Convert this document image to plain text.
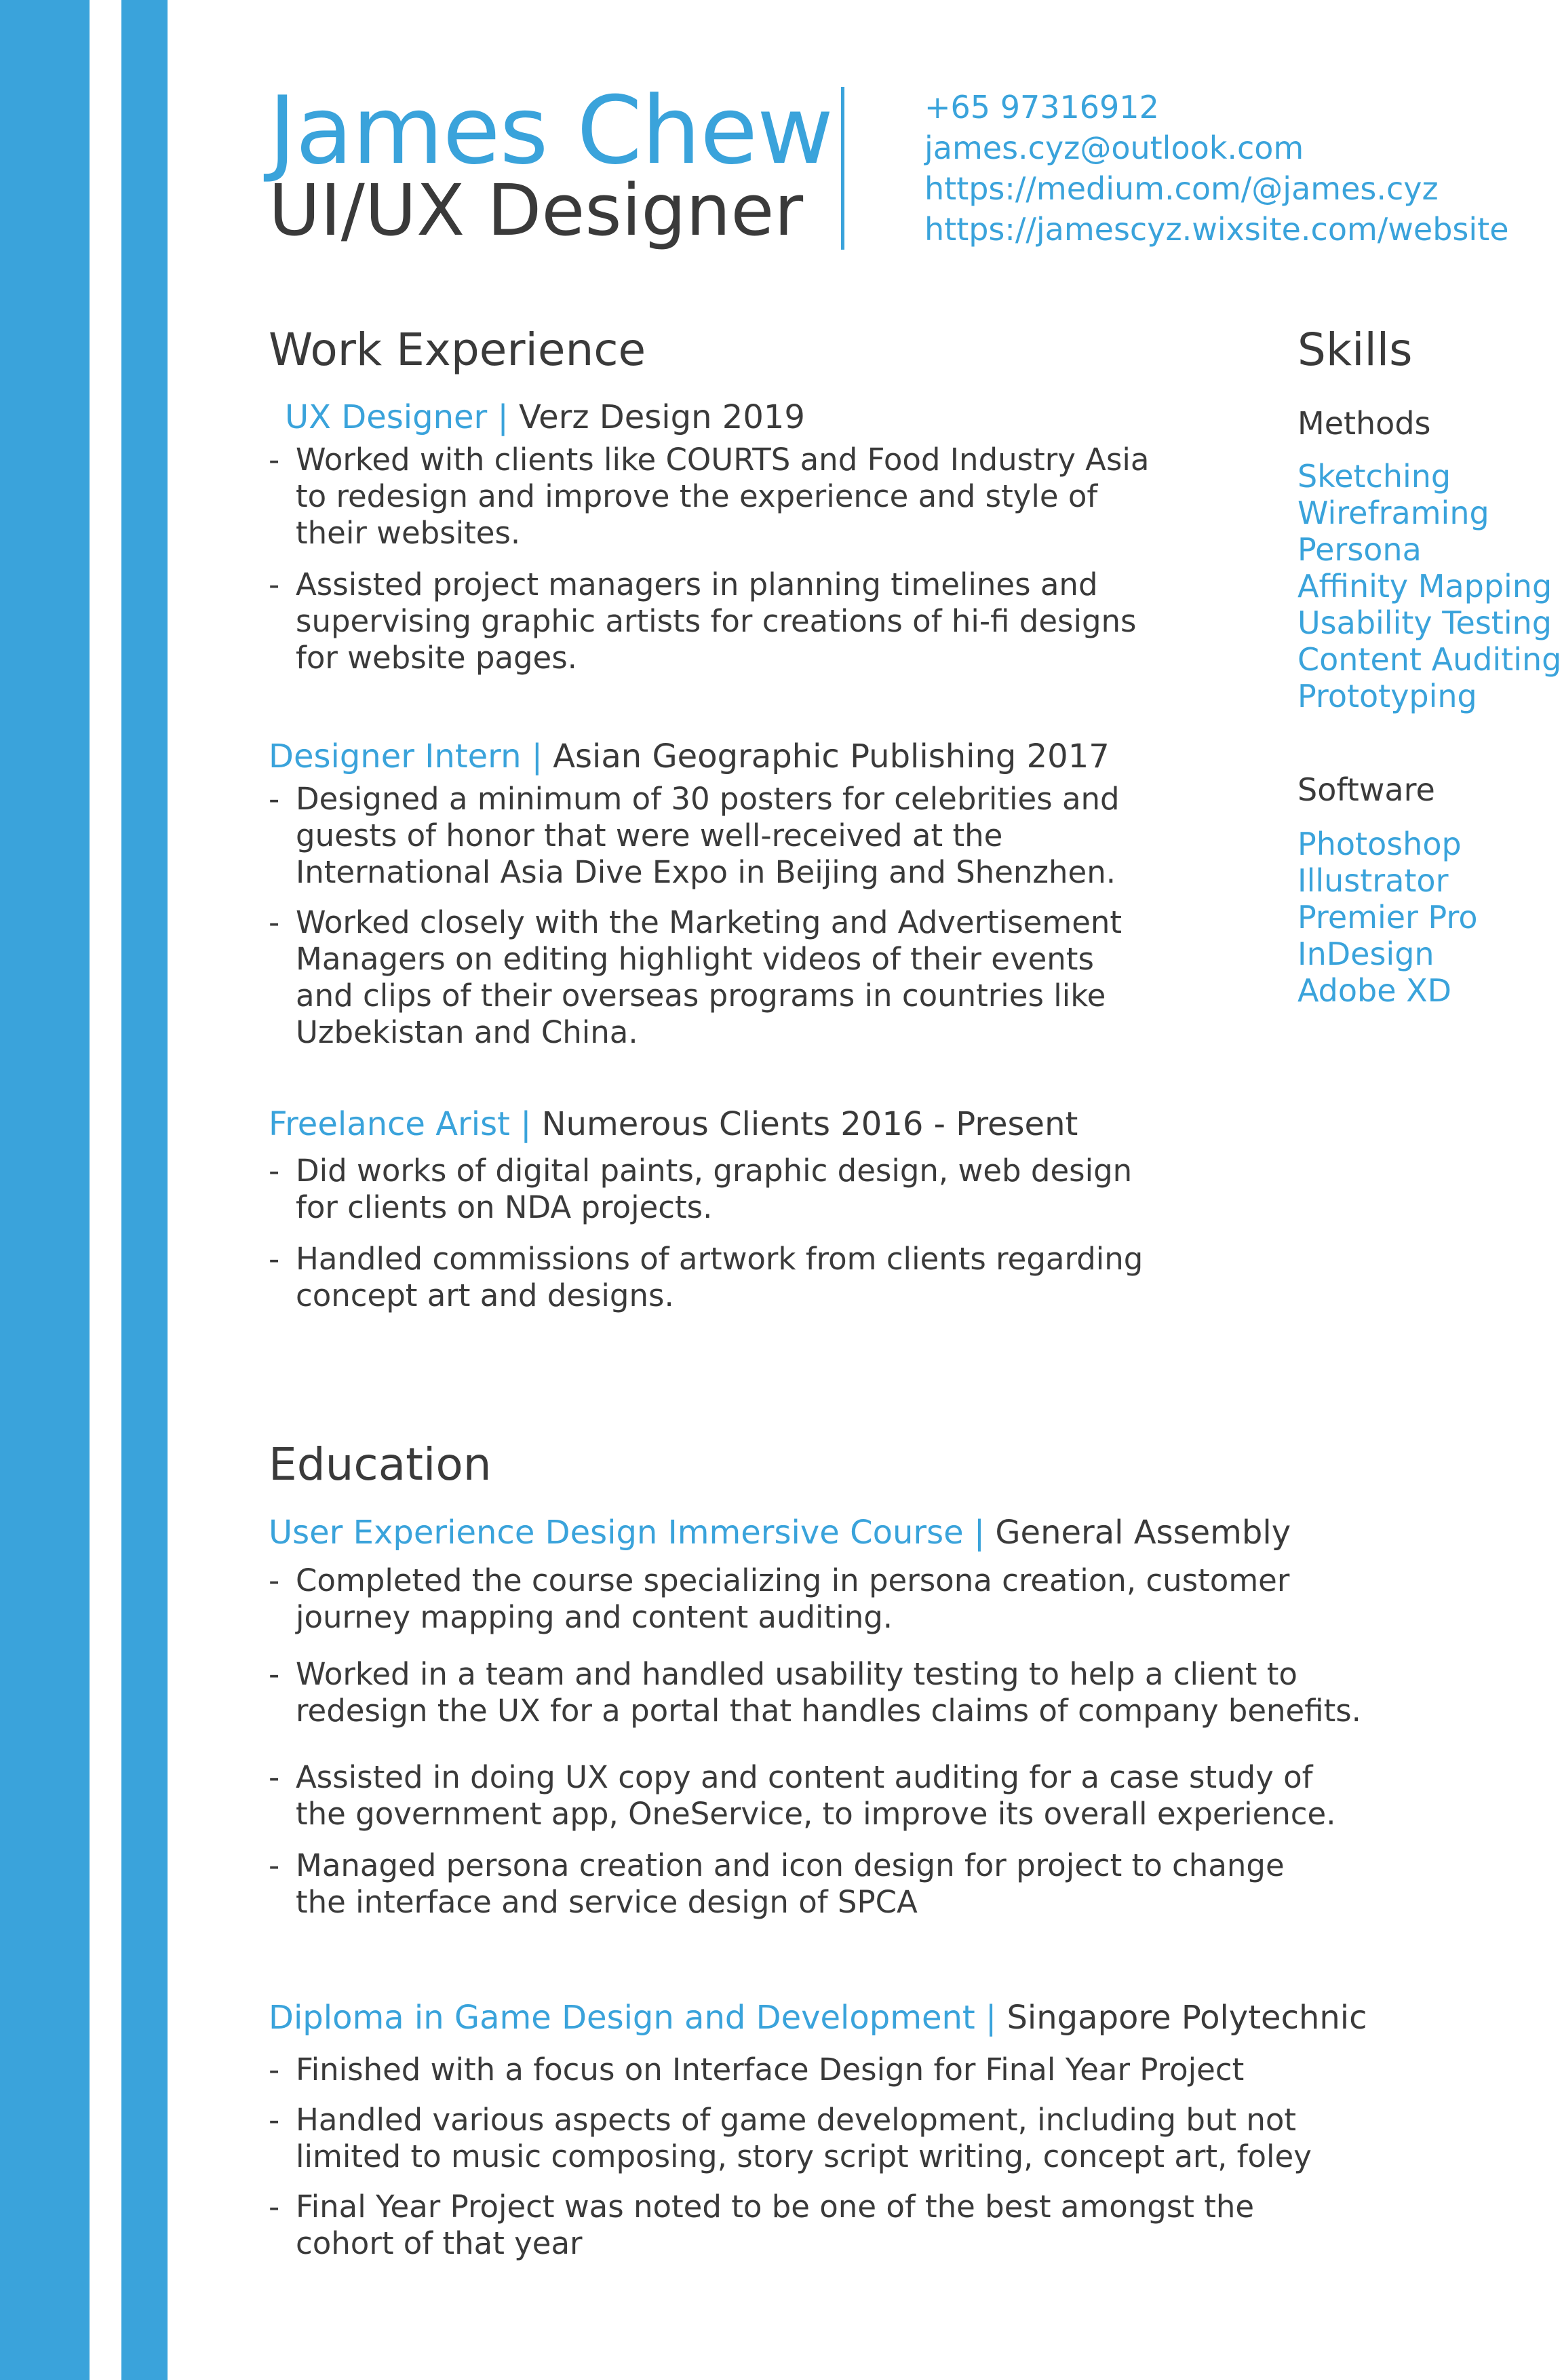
James Chew
UI/UX Designer
+65 97316912
james.cyz@outlook.com
https://medium.com/@james.cyz
https://jamescyz.wixsite.com/website
Work Experience
UX Designer | Verz Design 2019
- Worked with clients like COURTS and Food Industry Asia
to redesign and improve the experience and style of
their websites.
- Assisted project managers in planning timelines and
supervising graphic artists for creations of hi-fi designs
for website pages.
Designer Intern | Asian Geographic Publishing 2017
- Designed a minimum of 30 posters for celebrities and
guests of honor that were well-received at the
International Asia Dive Expo in Beijing and Shenzhen.
- Worked closely with the Marketing and Advertisement
Managers on editing highlight videos of their events
and clips of their overseas programs in countries like
Uzbekistan and China.
Freelance Arist | Numerous Clients 2016 - Present
- Did works of digital paints, graphic design, web design
for clients on NDA projects.
- Handled commissions of artwork from clients regarding
concept art and designs.
Skills
Methods
Sketching
Wireframing
Persona
Affinity Mapping
Usability Testing
Content Auditing
Prototyping
Software
Photoshop
Illustrator
Premier Pro
InDesign
Adobe XD
Education
User Experience Design Immersive Course | General Assembly
- Completed the course specializing in persona creation, customer
journey mapping and content auditing.
- Worked in a team and handled usability testing to help a client to
redesign the UX for a portal that handles claims of company benefits.
- Assisted in doing UX copy and content auditing for a case study of
the government app, OneService, to improve its overall experience.
- Managed persona creation and icon design for project to change
the interface and service design of SPCA
Diploma in Game Design and Development | Singapore Polytechnic
- Finished with a focus on Interface Design for Final Year Project
- Handled various aspects of game development, including but not
limited to music composing, story script writing, concept art, foley
- Final Year Project was noted to be one of the best amongst the
cohort of that year
